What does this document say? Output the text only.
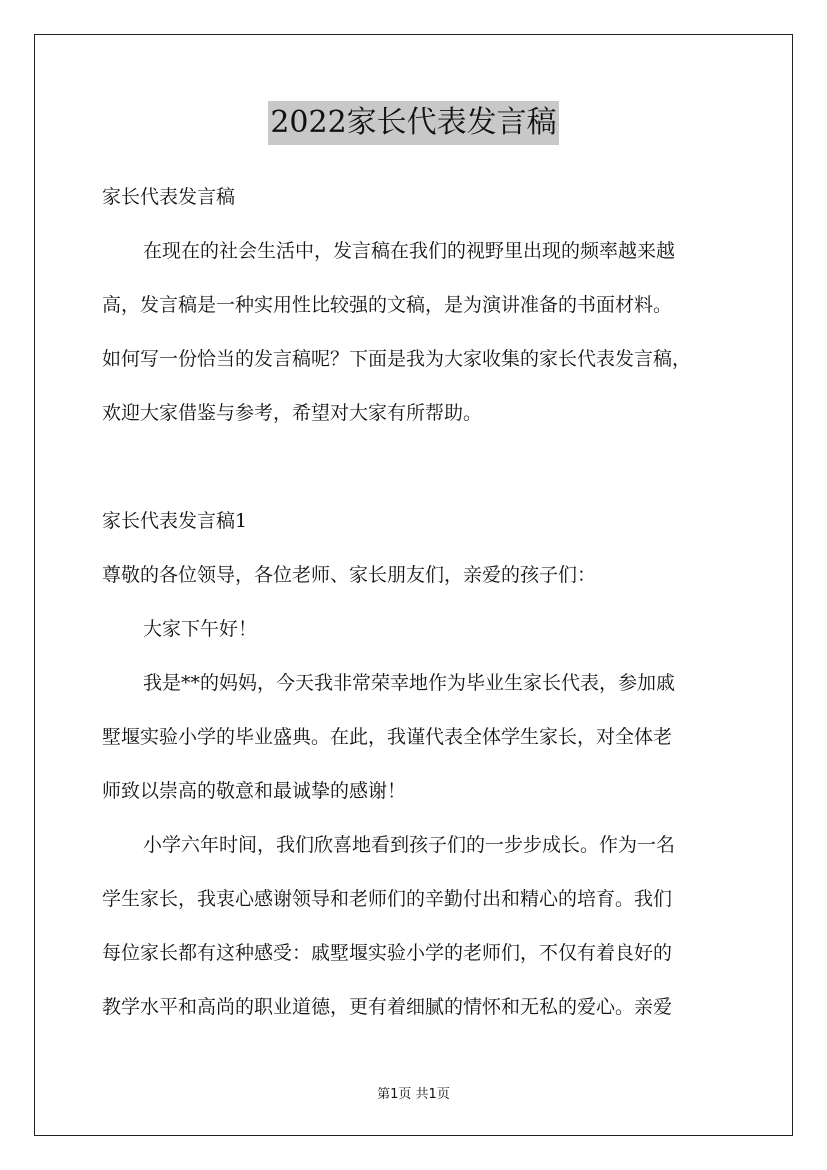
2022家长代表发言稿
家长代表发言稿
在现在的社会生活中，发言稿在我们的视野里出现的频率越来越
高，发言稿是一种实用性比较强的文稿，是为演讲准备的书面材料。
如何写一份恰当的发言稿呢？下面是我为大家收集的家长代表发言稿，
欢迎大家借鉴与参考，希望对大家有所帮助。
家长代表发言稿1
尊敬的各位领导，各位老师、家长朋友们，亲爱的孩子们：
大家下午好！
我是**的妈妈，今天我非常荣幸地作为毕业生家长代表，参加戚
墅堰实验小学的毕业盛典。在此，我谨代表全体学生家长，对全体老
师致以崇高的敬意和最诚挚的感谢！
小学六年时间，我们欣喜地看到孩子们的一步步成长。作为一名
学生家长，我衷心感谢领导和老师们的辛勤付出和精心的培育。我们
每位家长都有这种感受：戚墅堰实验小学的老师们，不仅有着良好的
教学水平和高尚的职业道德，更有着细腻的情怀和无私的爱心。亲爱
第1页 共1页
